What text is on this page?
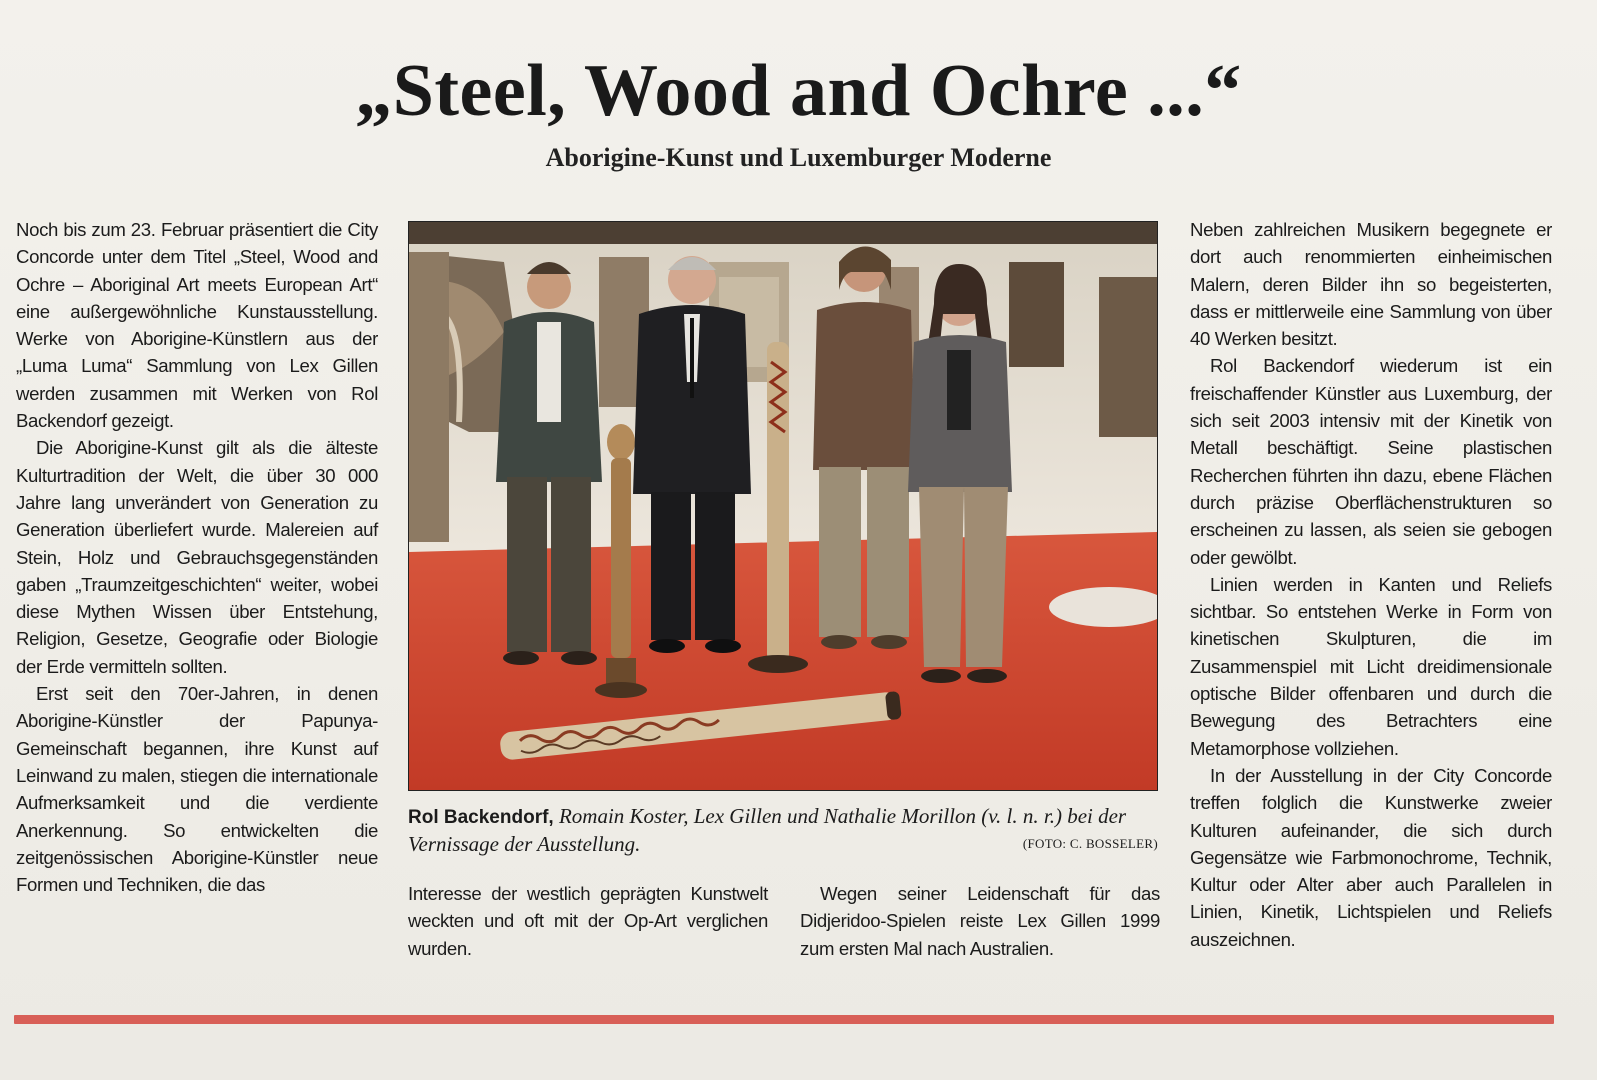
„Steel, Wood and Ochre ...“
Aborigine-Kunst und Luxemburger Moderne

Noch bis zum 23. Februar präsentiert die City Concorde unter dem Titel „Steel, Wood and Ochre – Aboriginal Art meets European Art“ eine außergewöhnliche Kunstausstellung. Werke von Aborigine-Künstlern aus der „Luma Luma“ Sammlung von Lex Gillen werden zusammen mit Werken von Rol Backendorf gezeigt.

Die Aborigine-Kunst gilt als die älteste Kulturtradition der Welt, die über 30 000 Jahre lang unverändert von Generation zu Generation überliefert wurde. Malereien auf Stein, Holz und Gebrauchsgegenständen gaben „Traumzeitgeschichten“ weiter, wobei diese Mythen Wissen über Entstehung, Religion, Gesetze, Geografie oder Biologie der Erde vermitteln sollten.

Erst seit den 70er-Jahren, in denen Aborigine-Künstler der Papunya-Gemeinschaft begannen, ihre Kunst auf Leinwand zu malen, stiegen die internationale Aufmerksamkeit und die verdiente Anerkennung. So entwickelten die zeitgenössischen Aborigine-Künstler neue Formen und Techniken, die das

Rol Backendorf, Romain Koster, Lex Gillen und Nathalie Morillon (v. l. n. r.) bei der Vernissage der Ausstellung.	(FOTO: C. BOSSELER)

Interesse der westlich geprägten Kunstwelt weckten und oft mit der Op-Art verglichen wurden.

Wegen seiner Leidenschaft für das Didjeridoo-Spielen reiste Lex Gillen 1999 zum ersten Mal nach Australien.

Neben zahlreichen Musikern begegnete er dort auch renommierten einheimischen Malern, deren Bilder ihn so begeisterten, dass er mittlerweile eine Sammlung von über 40 Werken besitzt.

Rol Backendorf wiederum ist ein freischaffender Künstler aus Luxemburg, der sich seit 2003 intensiv mit der Kinetik von Metall beschäftigt. Seine plastischen Recherchen führten ihn dazu, ebene Flächen durch präzise Oberflächenstrukturen so erscheinen zu lassen, als seien sie gebogen oder gewölbt.

Linien werden in Kanten und Reliefs sichtbar. So entstehen Werke in Form von kinetischen Skulpturen, die im Zusammenspiel mit Licht dreidimensionale optische Bilder offenbaren und durch die Bewegung des Betrachters eine Metamorphose vollziehen.

In der Ausstellung in der City Concorde treffen folglich die Kunstwerke zweier Kulturen aufeinander, die sich durch Gegensätze wie Farbmonochrome, Technik, Kultur oder Alter aber auch Parallelen in Linien, Kinetik, Lichtspielen und Reliefs auszeichnen.
